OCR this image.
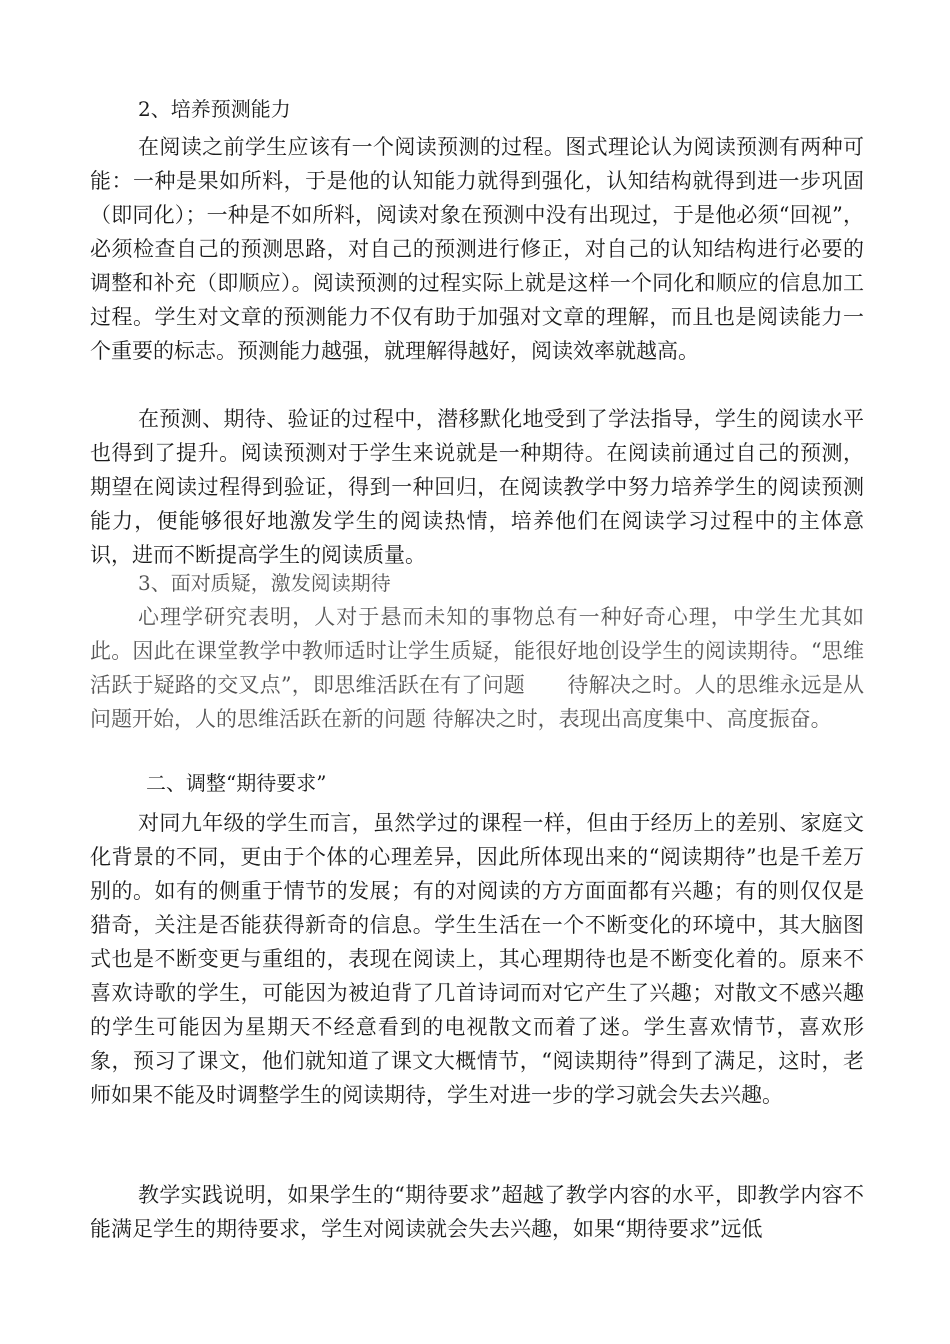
2、培养预测能力

在阅读之前学生应该有一个阅读预测的过程。图式理论认为阅读预测有两种可能：一种是果如所料，于是他的认知能力就得到强化，认知结构就得到进一步巩固（即同化）；一种是不如所料，阅读对象在预测中没有出现过，于是他必须“回视”，必须检查自己的预测思路，对自己的预测进行修正，对自己的认知结构进行必要的调整和补充（即顺应）。阅读预测的过程实际上就是这样一个同化和顺应的信息加工过程。学生对文章的预测能力不仅有助于加强对文章的理解，而且也是阅读能力一个重要的标志。预测能力越强，就理解得越好，阅读效率就越高。

在预测、期待、验证的过程中，潜移默化地受到了学法指导，学生的阅读水平也得到了提升。阅读预测对于学生来说就是一种期待。在阅读前通过自己的预测，期望在阅读过程得到验证，得到一种回归，在阅读教学中努力培养学生的阅读预测能力，便能够很好地激发学生的阅读热情，培养他们在阅读学习过程中的主体意识，进而不断提高学生的阅读质量。

3、面对质疑，激发阅读期待

心理学研究表明，人对于悬而未知的事物总有一种好奇心理，中学生尤其如此。因此在课堂教学中教师适时让学生质疑，能很好地创设学生的阅读期待。“思维活跃于疑路的交叉点”，即思维活跃在有了问题　　待解决之时。人的思维永远是从问题开始，人的思维活跃在新的问题 待解决之时，表现出高度集中、高度振奋。

二、调整“期待要求”

对同九年级的学生而言，虽然学过的课程一样，但由于经历上的差别、家庭文化背景的不同，更由于个体的心理差异，因此所体现出来的“阅读期待”也是千差万别的。如有的侧重于情节的发展；有的对阅读的方方面面都有兴趣；有的则仅仅是猎奇，关注是否能获得新奇的信息。学生生活在一个不断变化的环境中，其大脑图式也是不断变更与重组的，表现在阅读上，其心理期待也是不断变化着的。原来不喜欢诗歌的学生，可能因为被迫背了几首诗词而对它产生了兴趣；对散文不感兴趣的学生可能因为星期天不经意看到的电视散文而着了迷。学生喜欢情节，喜欢形象，预习了课文，他们就知道了课文大概情节，“阅读期待”得到了满足，这时，老师如果不能及时调整学生的阅读期待，学生对进一步的学习就会失去兴趣。

教学实践说明，如果学生的“期待要求”超越了教学内容的水平，即教学内容不能满足学生的期待要求，学生对阅读就会失去兴趣，如果“期待要求”远低
